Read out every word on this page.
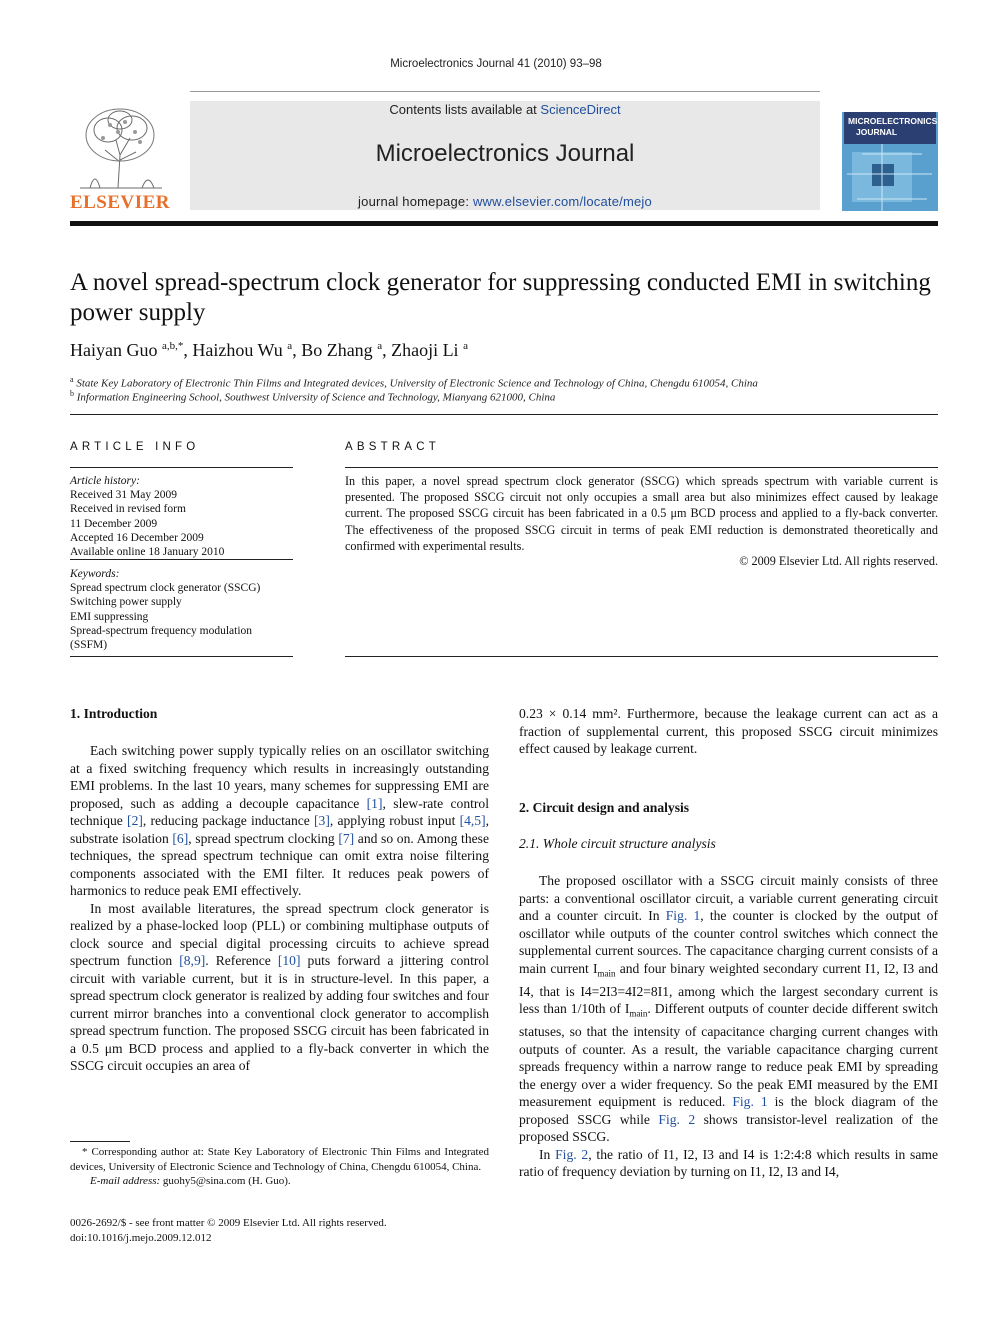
Microelectronics Journal 41 (2010) 93–98
ELSEVIER
Contents lists available at ScienceDirect
Microelectronics Journal
journal homepage: www.elsevier.com/locate/mejo
MICROELECTRONICS
JOURNAL
A novel spread-spectrum clock generator for suppressing conducted EMI in switching power supply
Haiyan Guo $^{a,b,*}$, Haizhou Wu $^a$, Bo Zhang $^a$, Zhaoji Li $^a$
$^a$ State Key Laboratory of Electronic Thin Films and Integrated devices, University of Electronic Science and Technology of China, Chengdu 610054, China
$^b$ Information Engineering School, Southwest University of Science and Technology, Mianyang 621000, China
ARTICLE INFO
Article history:
Received 31 May 2009
Received in revised form
11 December 2009
Accepted 16 December 2009
Available online 18 January 2010
Keywords:
Spread spectrum clock generator (SSCG)
Switching power supply
EMI suppressing
Spread-spectrum frequency modulation
(SSFM)
ABSTRACT
In this paper, a novel spread spectrum clock generator (SSCG) which spreads spectrum with variable current is presented. The proposed SSCG circuit not only occupies a small area but also minimizes effect caused by leakage current. The proposed SSCG circuit has been fabricated in a 0.5 μm BCD process and applied to a fly-back converter. The effectiveness of the proposed SSCG circuit in terms of peak EMI reduction is demonstrated theoretically and confirmed with experimental results.
© 2009 Elsevier Ltd. All rights reserved.
1. Introduction

Each switching power supply typically relies on an oscillator switching at a fixed switching frequency which results in increasingly outstanding EMI problems. In the last 10 years, many schemes for suppressing EMI are proposed, such as adding a decouple capacitance [1], slew-rate control technique [2], reducing package inductance [3], applying robust input [4,5], substrate isolation [6], spread spectrum clocking [7] and so on. Among these techniques, the spread spectrum technique can omit extra noise filtering components associated with the EMI filter. It reduces peak powers of harmonics to reduce peak EMI effectively.

In most available literatures, the spread spectrum clock generator is realized by a phase-locked loop (PLL) or combining multiphase outputs of clock source and special digital processing circuits to achieve spread spectrum function [8,9]. Reference [10] puts forward a jittering control circuit with variable current, but it is in structure-level. In this paper, a spread spectrum clock generator is realized by adding four switches and four current mirror branches into a conventional clock generator to accomplish spread spectrum function. The proposed SSCG circuit has been fabricated in a 0.5 μm BCD process and applied to a fly-back converter in which the SSCG circuit occupies an area of

* Corresponding author at: State Key Laboratory of Electronic Thin Films and Integrated devices, University of Electronic Science and Technology of China, Chengdu 610054, China.

E-mail address: guohy5@sina.com (H. Guo).

0026-2692/$ - see front matter © 2009 Elsevier Ltd. All rights reserved.

doi:10.1016/j.mejo.2009.12.012

0.23 × 0.14 mm². Furthermore, because the leakage current can act as a fraction of supplemental current, this proposed SSCG circuit minimizes effect caused by leakage current.

2. Circuit design and analysis
2.1. Whole circuit structure analysis

The proposed oscillator with a SSCG circuit mainly consists of three parts: a conventional oscillator circuit, a variable current generating circuit and a counter circuit. In Fig. 1, the counter is clocked by the output of oscillator while outputs of the counter control switches which connect the supplemental current sources. The capacitance charging current consists of a main current $I_{main}$ and four binary weighted secondary current I1, I2, I3 and I4, that is I4=2I3=4I2=8I1, among which the largest secondary current is less than 1/10th of $I_{main}$. Different outputs of counter decide different switch statuses, so that the intensity of capacitance charging current changes with outputs of counter. As a result, the variable capacitance charging current spreads frequency within a narrow range to reduce peak EMI by spreading the energy over a wider frequency. So the peak EMI measured by the EMI measurement equipment is reduced. Fig. 1 is the block diagram of the proposed SSCG while Fig. 2 shows transistor-level realization of the proposed SSCG.

In Fig. 2, the ratio of I1, I2, I3 and I4 is 1:2:4:8 which results in same ratio of frequency deviation by turning on I1, I2, I3 and I4,
